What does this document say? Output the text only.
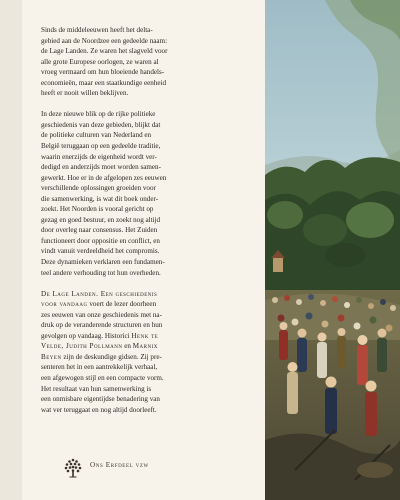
Sinds de middeleeuwen heeft het delta-
gebied aan de Noordzee een gedeelde naam:
de Lage Landen. Ze waren het slagveld voor
alle grote Europese oorlogen, ze waren al
vroeg vermaard om hun bloeiende handels-
economieën, maar een staatkundige eenheid
heeft er nooit willen beklijven.
In deze nieuwe blik op de rijke politieke
geschiedenis van deze gebieden, blijkt dat
de politieke culturen van Nederland en
België teruggaan op een gedeelde traditie,
waarin enerzijds de eigenheid wordt ver-
dedigd en anderzijds moet worden samen-
gewerkt. Hoe er in de afgelopen zes eeuwen
verschillende oplossingen groeiden voor
die samenwerking, is wat dit boek onder-
zoekt. Het Noorden is vooral gericht op
gezag en goed bestuur, en zoekt nog altijd
door overleg naar consensus. Het Zuiden
functioneert door oppositie en conflict, en
vindt vanuit verdeeldheid het compromis.
Deze dynamieken verklaren een fundamen-
teel andere verhouding tot hun overheden.
De Lage Landen. Een geschiedenis
voor vandaag voert de lezer doorheen
zes eeuwen van onze geschiedenis met na-
druk op de veranderende structuren en hun
gevolgen op vandaag. Historici Henk te
Velde, Judith Pollmann en Marnix
Beyen zijn de deskundige gidsen. Zij pre-
senteren het in een aantrekkelijk verhaal,
een afgewogen stijl en een compacte vorm.
Het resultaat van hun samenwerking is
een onmisbare eigentijdse benadering van
wat ver teruggaat en nog altijd doorleeft.
Ons Erfdeel vzw
